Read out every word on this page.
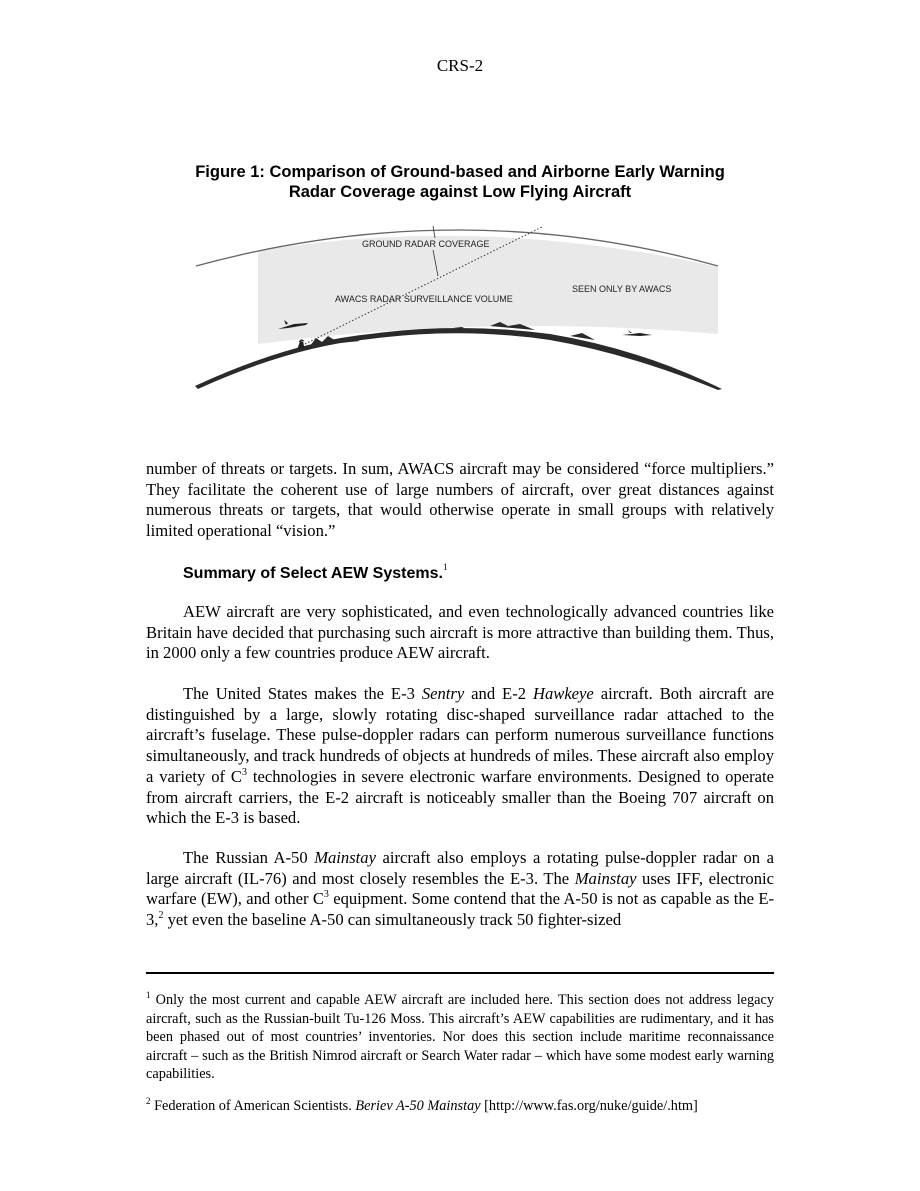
CRS-2
Figure 1: Comparison of Ground-based and Airborne Early Warning
Radar Coverage against Low Flying Aircraft
GROUND RADAR COVERAGE
AWACS RADAR SURVEILLANCE VOLUME
SEEN ONLY BY AWACS

number of threats or targets. In sum, AWACS aircraft may be considered “force multipliers.” They facilitate the coherent use of large numbers of aircraft, over great distances against numerous threats or targets, that would otherwise operate in small groups with relatively limited operational “vision.”

Summary of Select AEW Systems.$^1$

AEW aircraft are very sophisticated, and even technologically advanced countries like Britain have decided that purchasing such aircraft is more attractive than building them. Thus, in 2000 only a few countries produce AEW aircraft.

The United States makes the E-3 Sentry and E-2 Hawkeye aircraft. Both aircraft are distinguished by a large, slowly rotating disc-shaped surveillance radar attached to the aircraft’s fuselage. These pulse-doppler radars can perform numerous surveillance functions simultaneously, and track hundreds of objects at hundreds of miles. These aircraft also employ a variety of C$^3$ technologies in severe electronic warfare environments. Designed to operate from aircraft carriers, the E-2 aircraft is noticeably smaller than the Boeing 707 aircraft on which the E-3 is based.

The Russian A-50 Mainstay aircraft also employs a rotating pulse-doppler radar on a large aircraft (IL-76) and most closely resembles the E-3. The Mainstay uses IFF, electronic warfare (EW), and other C$^3$ equipment. Some contend that the A-50 is not as capable as the E-3,$^2$ yet even the baseline A-50 can simultaneously track 50 fighter-sized

$^1$ Only the most current and capable AEW aircraft are included here. This section does not address legacy aircraft, such as the Russian-built Tu-126 Moss. This aircraft’s AEW capabilities are rudimentary, and it has been phased out of most countries’ inventories. Nor does this section include maritime reconnaissance aircraft – such as the British Nimrod aircraft or Search Water radar – which have some modest early warning capabilities.
$^2$ Federation of American Scientists. Beriev A-50 Mainstay [http://www.fas.org/nuke/guide/.htm]
